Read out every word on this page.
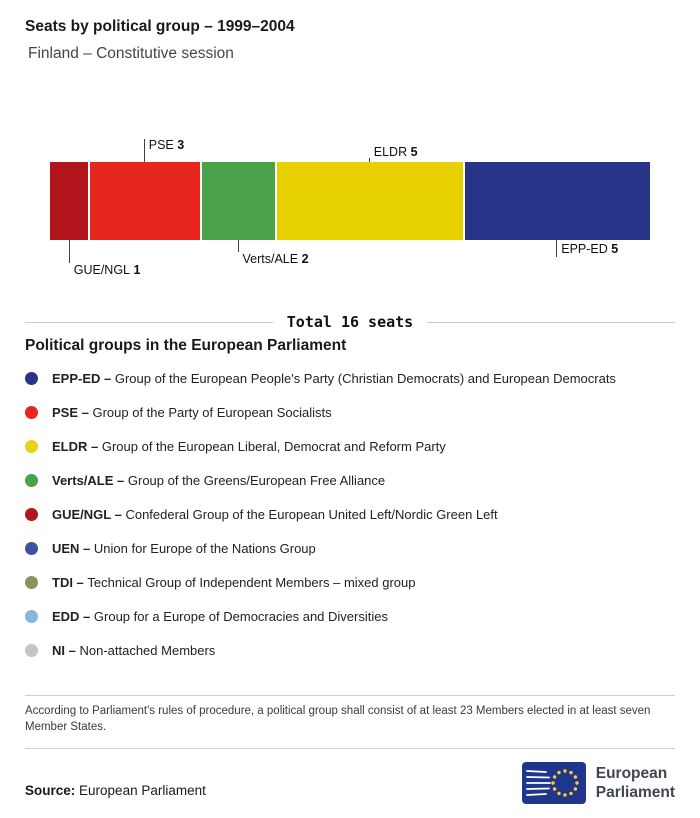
Seats by political group – 1999–2004
Finland – Constitutive session
GUE/NGL 1
PSE 3
Verts/ALE 2
ELDR 5
EPP-ED 5
Total 16 seats
Political groups in the European Parliament
EPP-ED – Group of the European People's Party (Christian Democrats) and European Democrats
PSE – Group of the Party of European Socialists
ELDR – Group of the European Liberal, Democrat and Reform Party
Verts/ALE – Group of the Greens/European Free Alliance
GUE/NGL – Confederal Group of the European United Left/Nordic Green Left
UEN – Union for Europe of the Nations Group
TDI – Technical Group of Independent Members – mixed group
EDD – Group for a Europe of Democracies and Diversities
NI – Non-attached Members

According to Parliament's rules of procedure, a political group shall consist of at least 23 Members elected in at least seven Member States.

Source: European Parliament

European
Parliament
